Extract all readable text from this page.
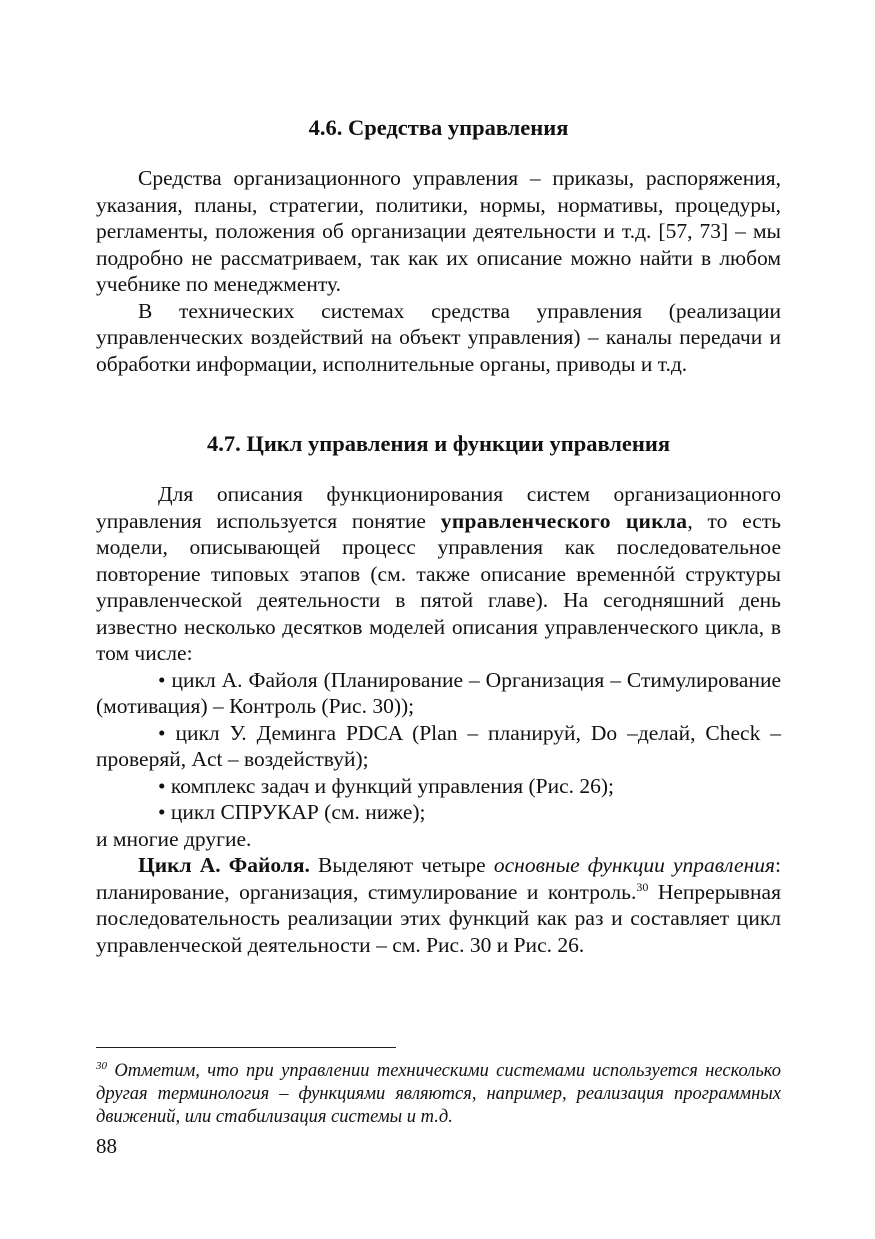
4.6. Средства управления

Средства организационного управления – приказы, распоряжения, указания, планы, стратегии, политики, нормы, нормативы, процедуры, регламенты, положения об организации деятельности и т.д. [57, 73] – мы подробно не рассматриваем, так как их описание можно найти в любом учебнике по менеджменту.

В технических системах средства управления (реализации управленческих воздействий на объект управления) – каналы передачи и обработки информации, исполнительные органы, приводы и т.д.

4.7. Цикл управления и функции управления

Для описания функционирования систем организационного управления используется понятие управленческого цикла, то есть модели, описывающей процесс управления как последовательное повторение типовых этапов (см. также описание временнóй структуры управленческой деятельности в пятой главе). На сегодняшний день известно несколько десятков моделей описания управленческого цикла, в том числе:

• цикл А. Файоля (Планирование – Организация – Стимулирование (мотивация) – Контроль (Рис. 30));

• цикл У. Деминга PDCA (Plan – планируй, Do –делай, Check – проверяй, Act – воздействуй);

• комплекс задач и функций управления (Рис. 26);

• цикл СПРУКАР (см. ниже);

и многие другие.

Цикл А. Файоля. Выделяют четыре основные функции управления: планирование, организация, стимулирование и контроль.$^{30}$ Непрерывная последовательность реализации этих функций как раз и составляет цикл управленческой деятельности – см. Рис. 30 и Рис. 26.

$^{30}$ Отметим, что при управлении техническими системами используется несколько другая терминология – функциями являются, например, реализация программных движений, или стабилизация системы и т.д.
88
